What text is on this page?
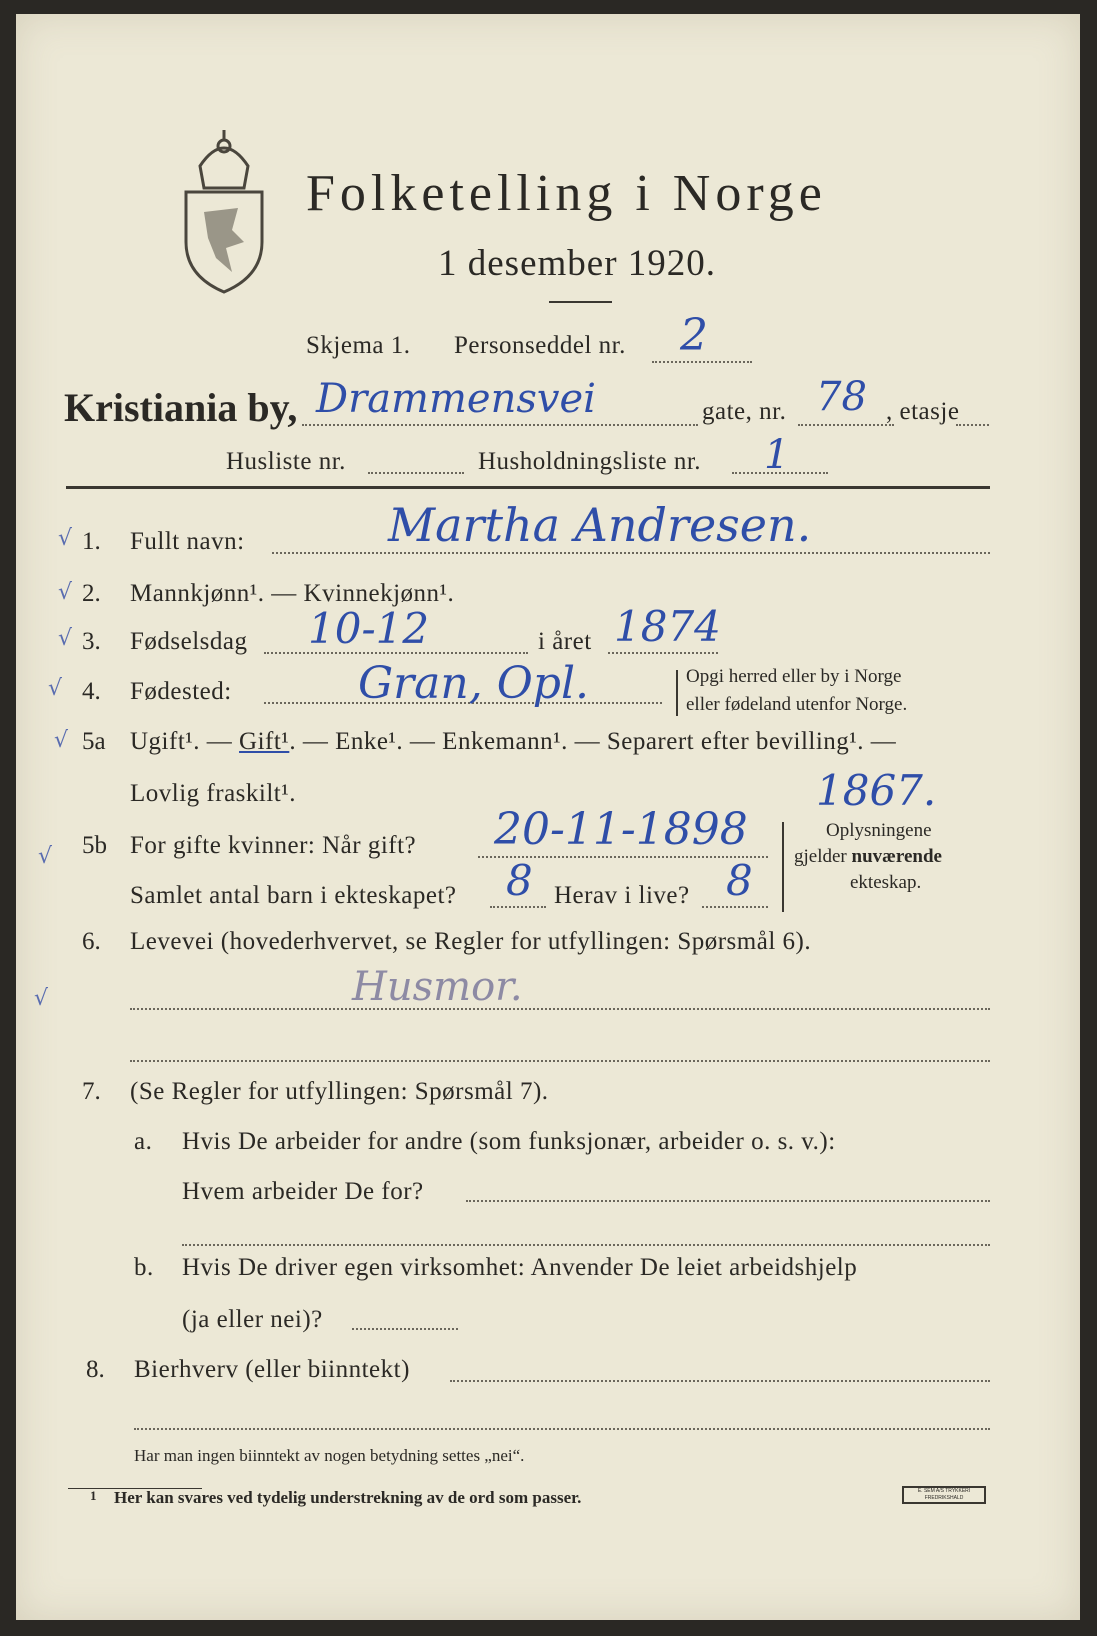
Folketelling i Norge
1 desember 1920.
Skjema 1. Personseddel nr. 2
Kristiania by, Drammensvei	gate, nr. 78 , etasje
Husliste nr.	Husholdningsliste nr. 1
√ 1. Fullt navn:	Martha Andresen.
√ 2. Mannkjønn¹. — Kvinnekjønn¹.
√ 3. Fødselsdag 10-12	i året 1874
√ 4. Fødested:	Gran, Opl.	Opgi herred eller by i Norge
eller fødeland utenfor Norge.
√ 5a Ugift¹. — Gift¹. — Enke¹. — Enkemann¹. — Separert efter bevilling¹. —
Lovlig fraskilt¹.
√ 5b For gifte kvinner: Når gift? 20-11-1898
1867.
Samlet antal barn i ekteskapet? 8 Herav i live? 8
Oplysningene
gjelder nuværende
ekteskap.
6. Levevei (hovederhvervet, se Regler for utfyllingen: Spørsmål 6).
√	Husmor.
7. (Se Regler for utfyllingen: Spørsmål 7).
a. Hvis De arbeider for andre (som funksjonær, arbeider o. s. v.):
Hvem arbeider De for?
b. Hvis De driver egen virksomhet: Anvender De leiet arbeidshjelp
(ja eller nei)?
8. Bierhverv (eller biinntekt)
Har man ingen biinntekt av nogen betydning settes „nei“.
1 Her kan svares ved tydelig understrekning av de ord som passer.	E. SEM A/S TRYKKERI FREDRIKSHALD
